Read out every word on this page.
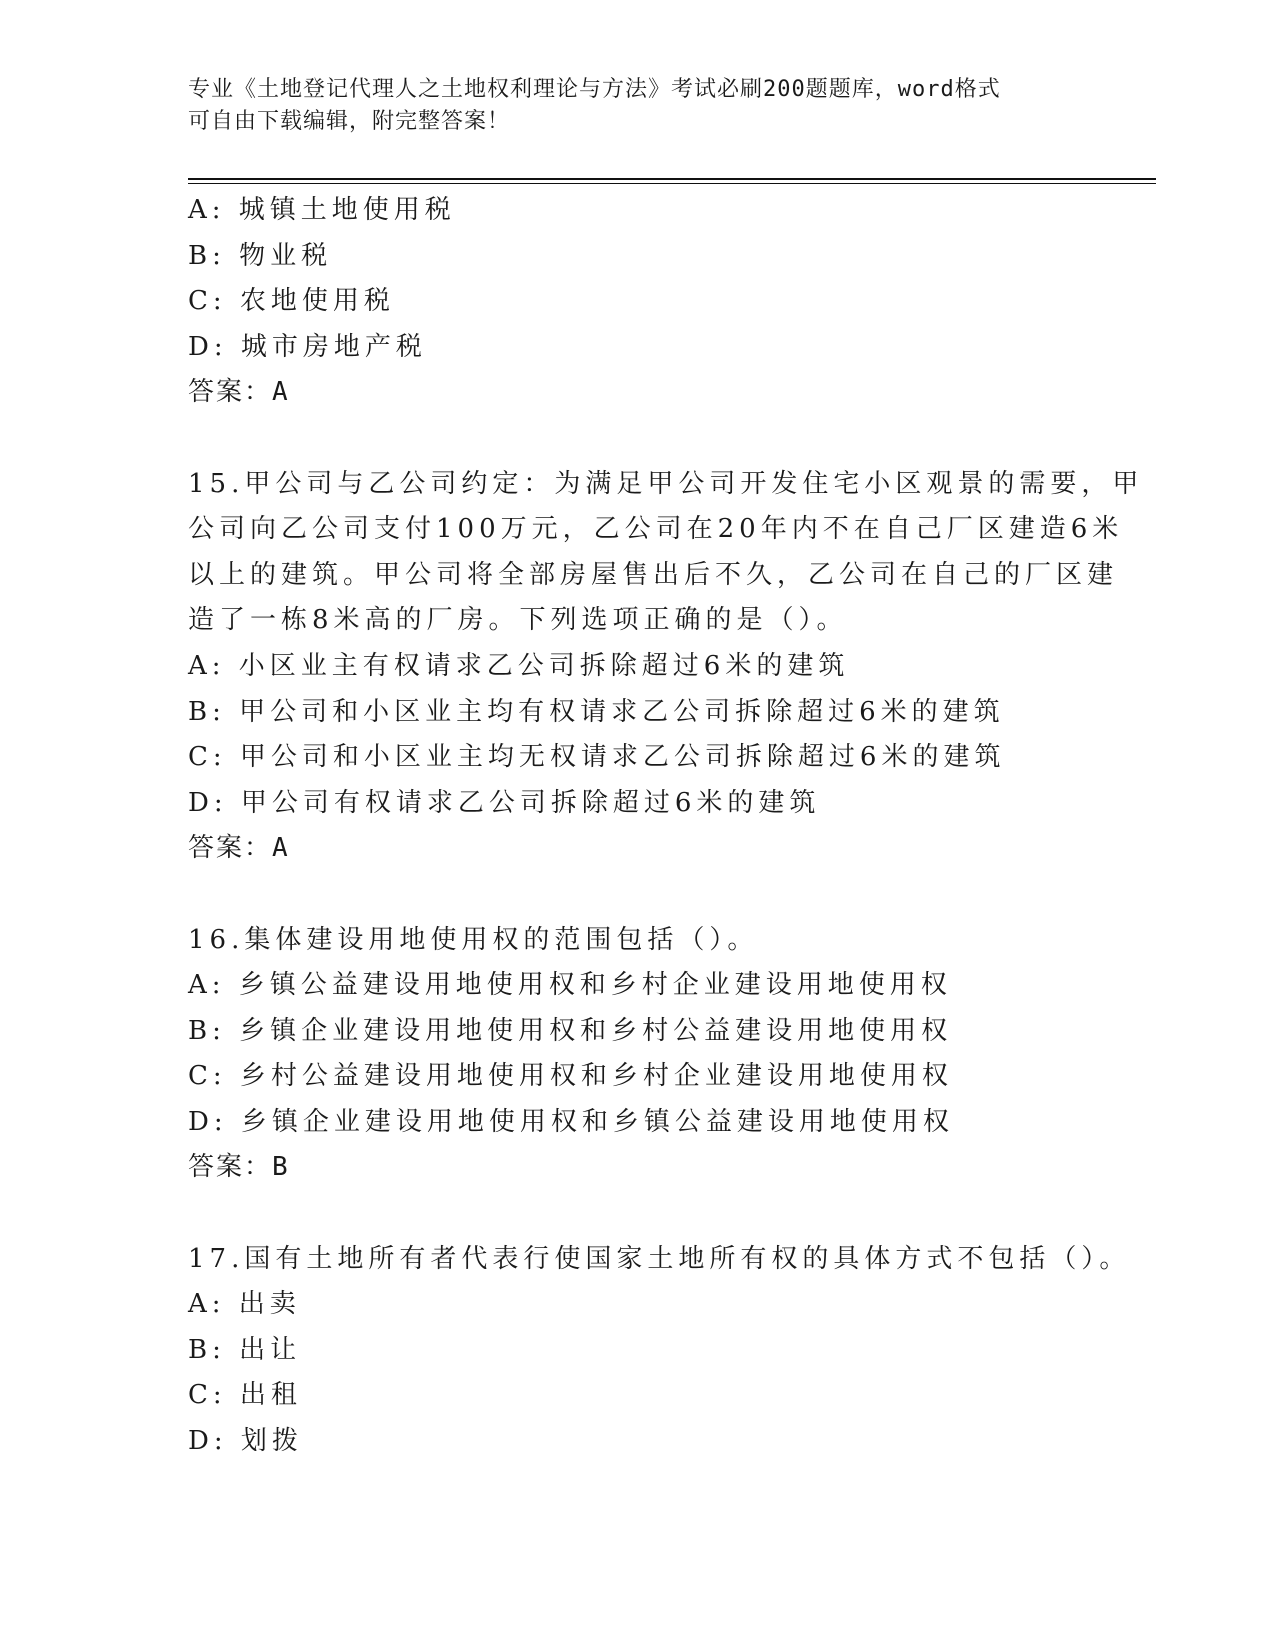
专业《土地登记代理人之土地权利理论与方法》考试必刷200题题库，word格式
可自由下载编辑，附完整答案！
A: 城镇土地使用税
B: 物业税
C: 农地使用税
D: 城市房地产税
答案：A
15.甲公司与乙公司约定：为满足甲公司开发住宅小区观景的需要，甲
公司向乙公司支付100万元，乙公司在20年内不在自己厂区建造6米
以上的建筑。甲公司将全部房屋售出后不久，乙公司在自己的厂区建
造了一栋8米高的厂房。下列选项正确的是（）。
A: 小区业主有权请求乙公司拆除超过6米的建筑
B: 甲公司和小区业主均有权请求乙公司拆除超过6米的建筑
C: 甲公司和小区业主均无权请求乙公司拆除超过6米的建筑
D: 甲公司有权请求乙公司拆除超过6米的建筑
答案：A
16.集体建设用地使用权的范围包括（）。
A: 乡镇公益建设用地使用权和乡村企业建设用地使用权
B: 乡镇企业建设用地使用权和乡村公益建设用地使用权
C: 乡村公益建设用地使用权和乡村企业建设用地使用权
D: 乡镇企业建设用地使用权和乡镇公益建设用地使用权
答案：B
17.国有土地所有者代表行使国家土地所有权的具体方式不包括（）。
A: 出卖
B: 出让
C: 出租
D: 划拨
